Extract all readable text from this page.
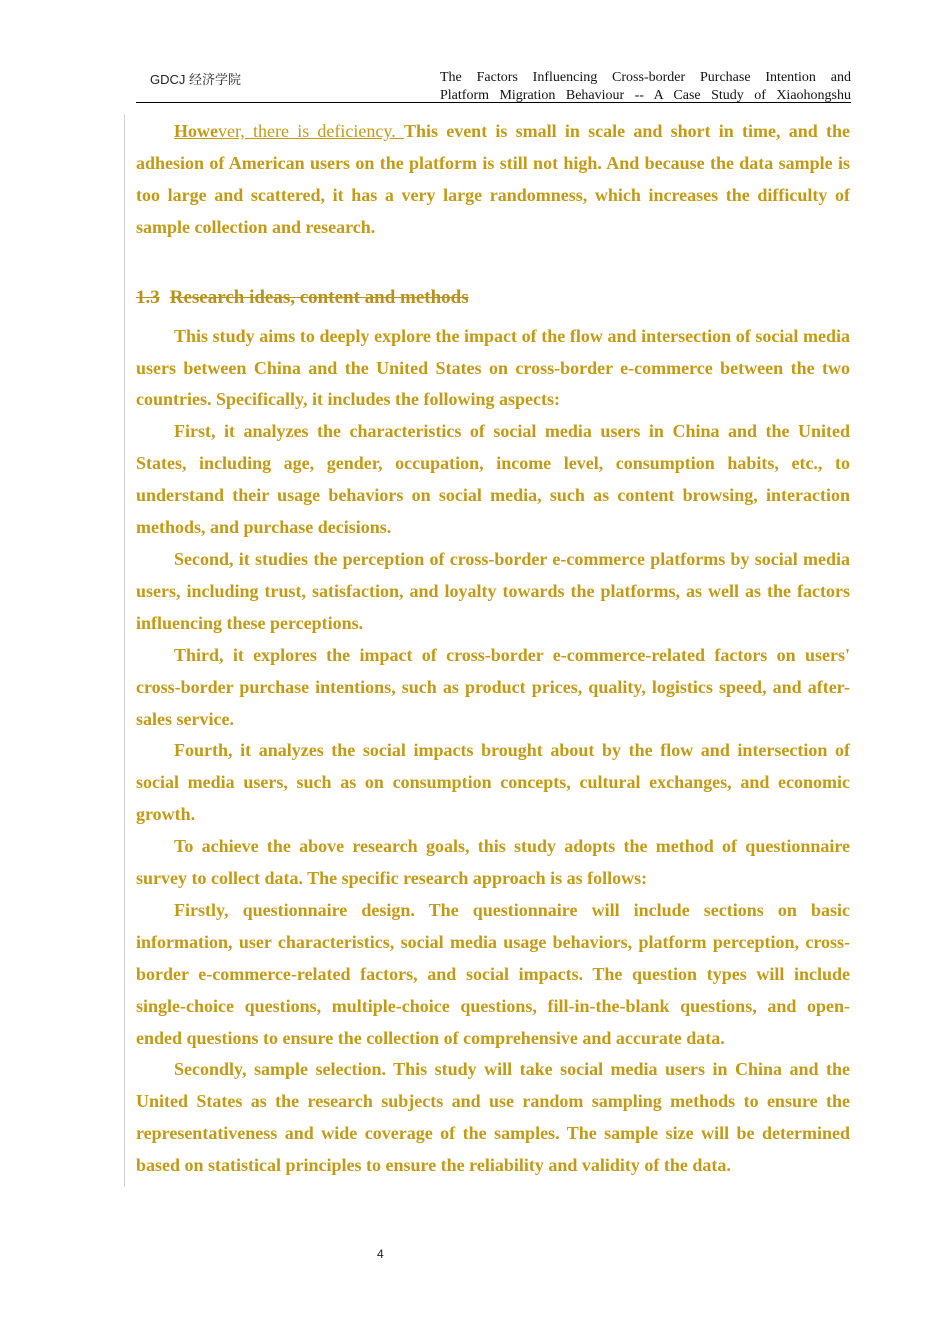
GDCJ 经济学院	The Factors Influencing Cross-border Purchase Intention and
Platform Migration Behaviour -- A Case Study of Xiaohongshu

However, there is deficiency. This event is small in scale and short in time, and the adhesion of American users on the platform is still not high. And because the data sample is too large and scattered, it has a very large randomness, which increases the difficulty of sample collection and research.

1.3 Research ideas, content and methods

This study aims to deeply explore the impact of the flow and intersection of social media users between China and the United States on cross-border e-commerce between the two countries. Specifically, it includes the following aspects:

First, it analyzes the characteristics of social media users in China and the United States, including age, gender, occupation, income level, consumption habits, etc., to understand their usage behaviors on social media, such as content browsing, interaction methods, and purchase decisions.

Second, it studies the perception of cross-border e-commerce platforms by social media users, including trust, satisfaction, and loyalty towards the platforms, as well as the factors influencing these perceptions.

Third, it explores the impact of cross-border e-commerce-related factors on users' cross-border purchase intentions, such as product prices, quality, logistics speed, and after-sales service.

Fourth, it analyzes the social impacts brought about by the flow and intersection of social media users, such as on consumption concepts, cultural exchanges, and economic growth.

To achieve the above research goals, this study adopts the method of questionnaire survey to collect data. The specific research approach is as follows:

Firstly, questionnaire design. The questionnaire will include sections on basic information, user characteristics, social media usage behaviors, platform perception, cross-border e-commerce-related factors, and social impacts. The question types will include single-choice questions, multiple-choice questions, fill-in-the-blank questions, and open-ended questions to ensure the collection of comprehensive and accurate data.

Secondly, sample selection. This study will take social media users in China and the United States as the research subjects and use random sampling methods to ensure the representativeness and wide coverage of the samples. The sample size will be determined based on statistical principles to ensure the reliability and validity of the data.

4
